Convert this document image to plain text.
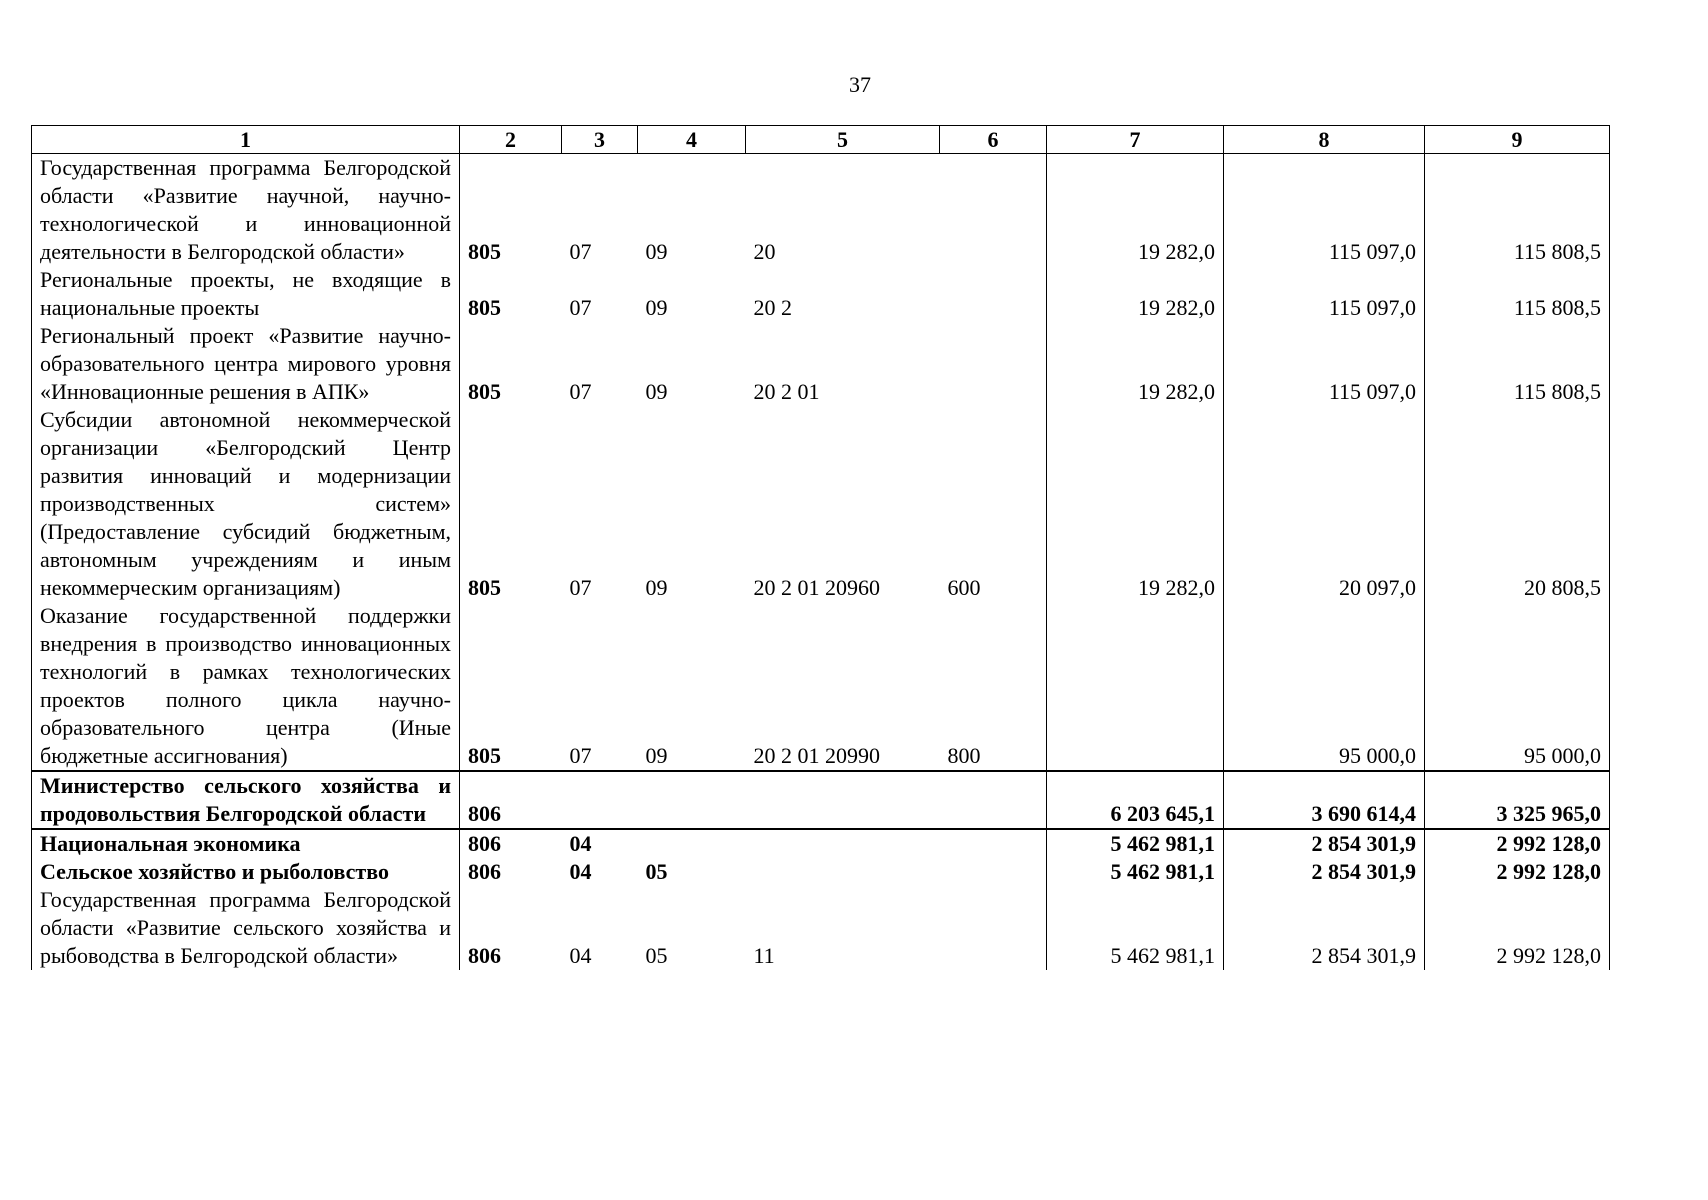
37
1	2	3	4	5	6	7	8	9
Государственная программа Белгородской области «Развитие научной, научно-технологической и инновационной деятельности в Белгородской области»	805	07	09	20		19 282,0	115 097,0	115 808,5
Региональные проекты, не входящие в национальные проекты	805	07	09	20 2		19 282,0	115 097,0	115 808,5
Региональный проект «Развитие научно-образовательного центра мирового уровня «Инновационные решения в АПК»	805	07	09	20 2 01		19 282,0	115 097,0	115 808,5
Субсидии автономной некоммерческой организации «Белгородский Центр развития инноваций и модернизации производственных систем» (Предоставление субсидий бюджетным, автономным учреждениям и иным некоммерческим организациям)	805	07	09	20 2 01 20960	600	19 282,0	20 097,0	20 808,5
Оказание государственной поддержки внедрения в производство инновационных технологий в рамках технологических проектов полного цикла научно-образовательного центра (Иные бюджетные ассигнования)	805	07	09	20 2 01 20990	800		95 000,0	95 000,0
Министерство сельского хозяйства и продовольствия Белгородской области	806					6 203 645,1	3 690 614,4	3 325 965,0
Национальная экономика	806	04				5 462 981,1	2 854 301,9	2 992 128,0
Сельское хозяйство и рыболовство	806	04	05			5 462 981,1	2 854 301,9	2 992 128,0
Государственная программа Белгородской области «Развитие сельского хозяйства и рыбоводства в Белгородской области»	806	04	05	11		5 462 981,1	2 854 301,9	2 992 128,0
